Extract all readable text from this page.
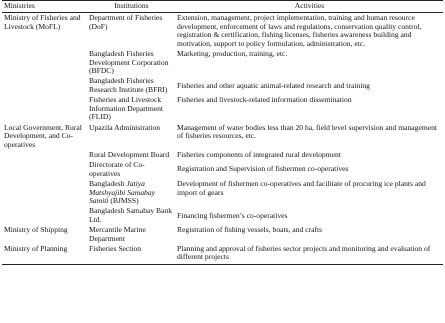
Ministries	Institutions	Activities
Ministry of Fisheries and Livestock (MoFL)	Department of Fisheries (DoF)	Extension, management, project implementation, training and human resource development, enforcement of laws and regulations, conservation quality control, registration & certification, fishing licenses, fisheries awareness building and motivation, support to policy formulation, administration, etc.
	Bangladesh Fisheries Development Corporation (BFDC)	Marketing, production, training, etc.
	Bangladesh Fisheries Research Institute (BFRI)	Fisheries and other aquatic animal-related research and training
	Fisheries and Livestock Information Department (FLID)	Fisheries and livestock-related information dissemination
Local Government, Rural Development, and Co-operatives	Upazila Administration	Management of water bodies less than 20 ha, field level supervision and management of fisheries resources, etc.
	Rural Development Board	Fisheries components of integrated rural development
	Directorate of Co-operatives	Registration and Supervision of fishermen co-operatives
	Bangladesh Jatiya Matshyajibi Samabay Samiti (BJMSS)	Development of fishermen co-operatives and facilitate of procuring ice plants and import of gears
	Bangladesh Samabay Bank Ltd.	Financing fishermen’s co-operatives
Ministry of Shipping	Mercantile Marine Department	Registration of fishing vessels, boats, and crafts
Ministry of Planning	Fisheries Section	Planning and approval of fisheries sector projects and monitoring and evaluation of different projects
